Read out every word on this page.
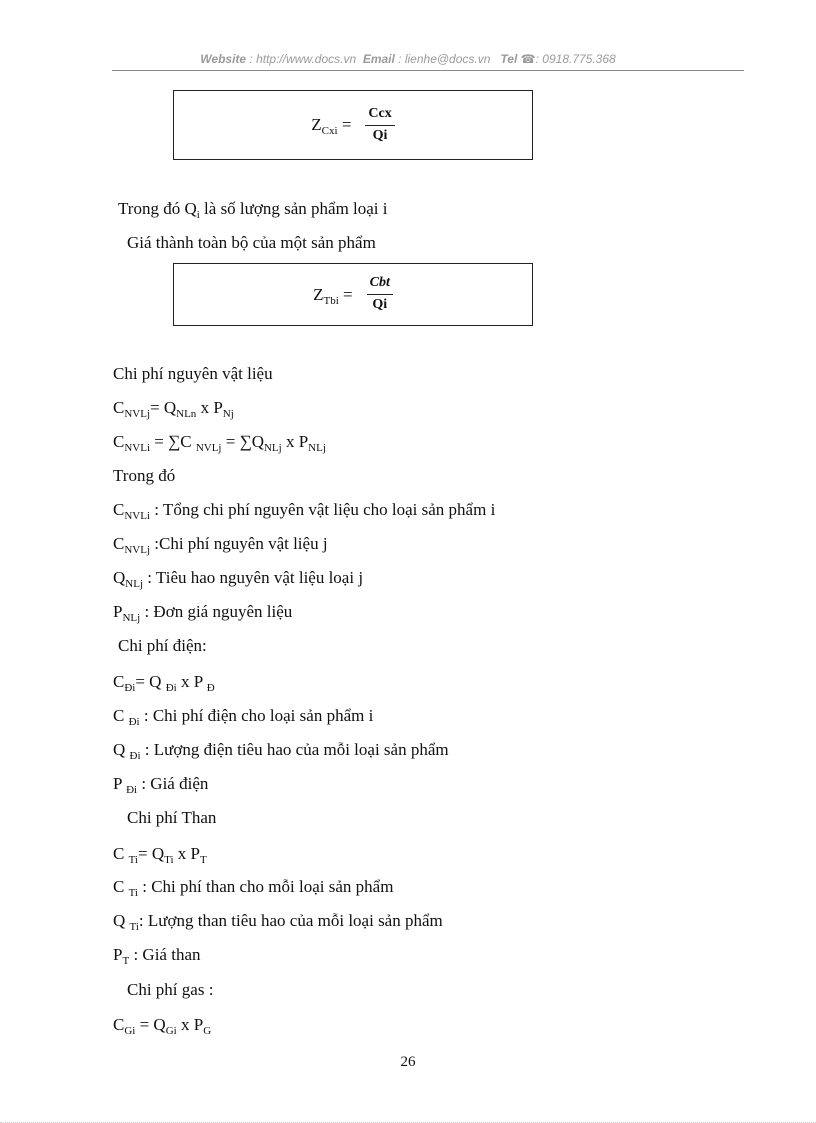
Website : http://www.docs.vn Email : lienhe@docs.vn Tel ☎: 0918.775.368
$Z_{Cxi} = \frac{\text{Ccx}}{Qi}$
Trong đó $Q_i$ là số lượng sản phẩm loại i
Giá thành toàn bộ của một sản phẩm
$Z_{Tbi} = \frac{\text{Cbt}}{Qi}$
Chi phí nguyên vật liệu
$C_{NVLj}= Q_{NLn}$ x $P_{Nj}$
$C_{NVLi} = \sum C$ $_{NVLj} = \sum Q_{NLj}$ x $P_{NLj}$
Trong đó
$C_{NVLi}$ : Tổng chi phí nguyên vật liệu cho loại sản phẩm i
$C_{NVLj}$ :Chi phí nguyên vật liệu j
$Q_{NLj}$ : Tiêu hao nguyên vật liệu loại j
$P_{NLj}$ : Đơn giá nguyên liệu
Chi phí điện:
$C_{Đi}= Q$ $_{Đi}$ x P $_Đ$
C $_{Đi}$ : Chi phí điện cho loại sản phẩm i
Q $_{Đi}$ : Lượng điện tiêu hao của mỗi loại sản phẩm
P $_{Đi}$ : Giá điện
Chi phí Than
C $_{Ti}= Q_{Ti}$ x $P_T$
C $_{Ti}$ : Chi phí than cho mỗi loại sản phẩm
Q $_{Ti}$: Lượng than tiêu hao của mỗi loại sản phẩm
$P_T$ : Giá than
Chi phí gas :
$C_{Gi} = Q_{Gi}$ x $P_G$
26
